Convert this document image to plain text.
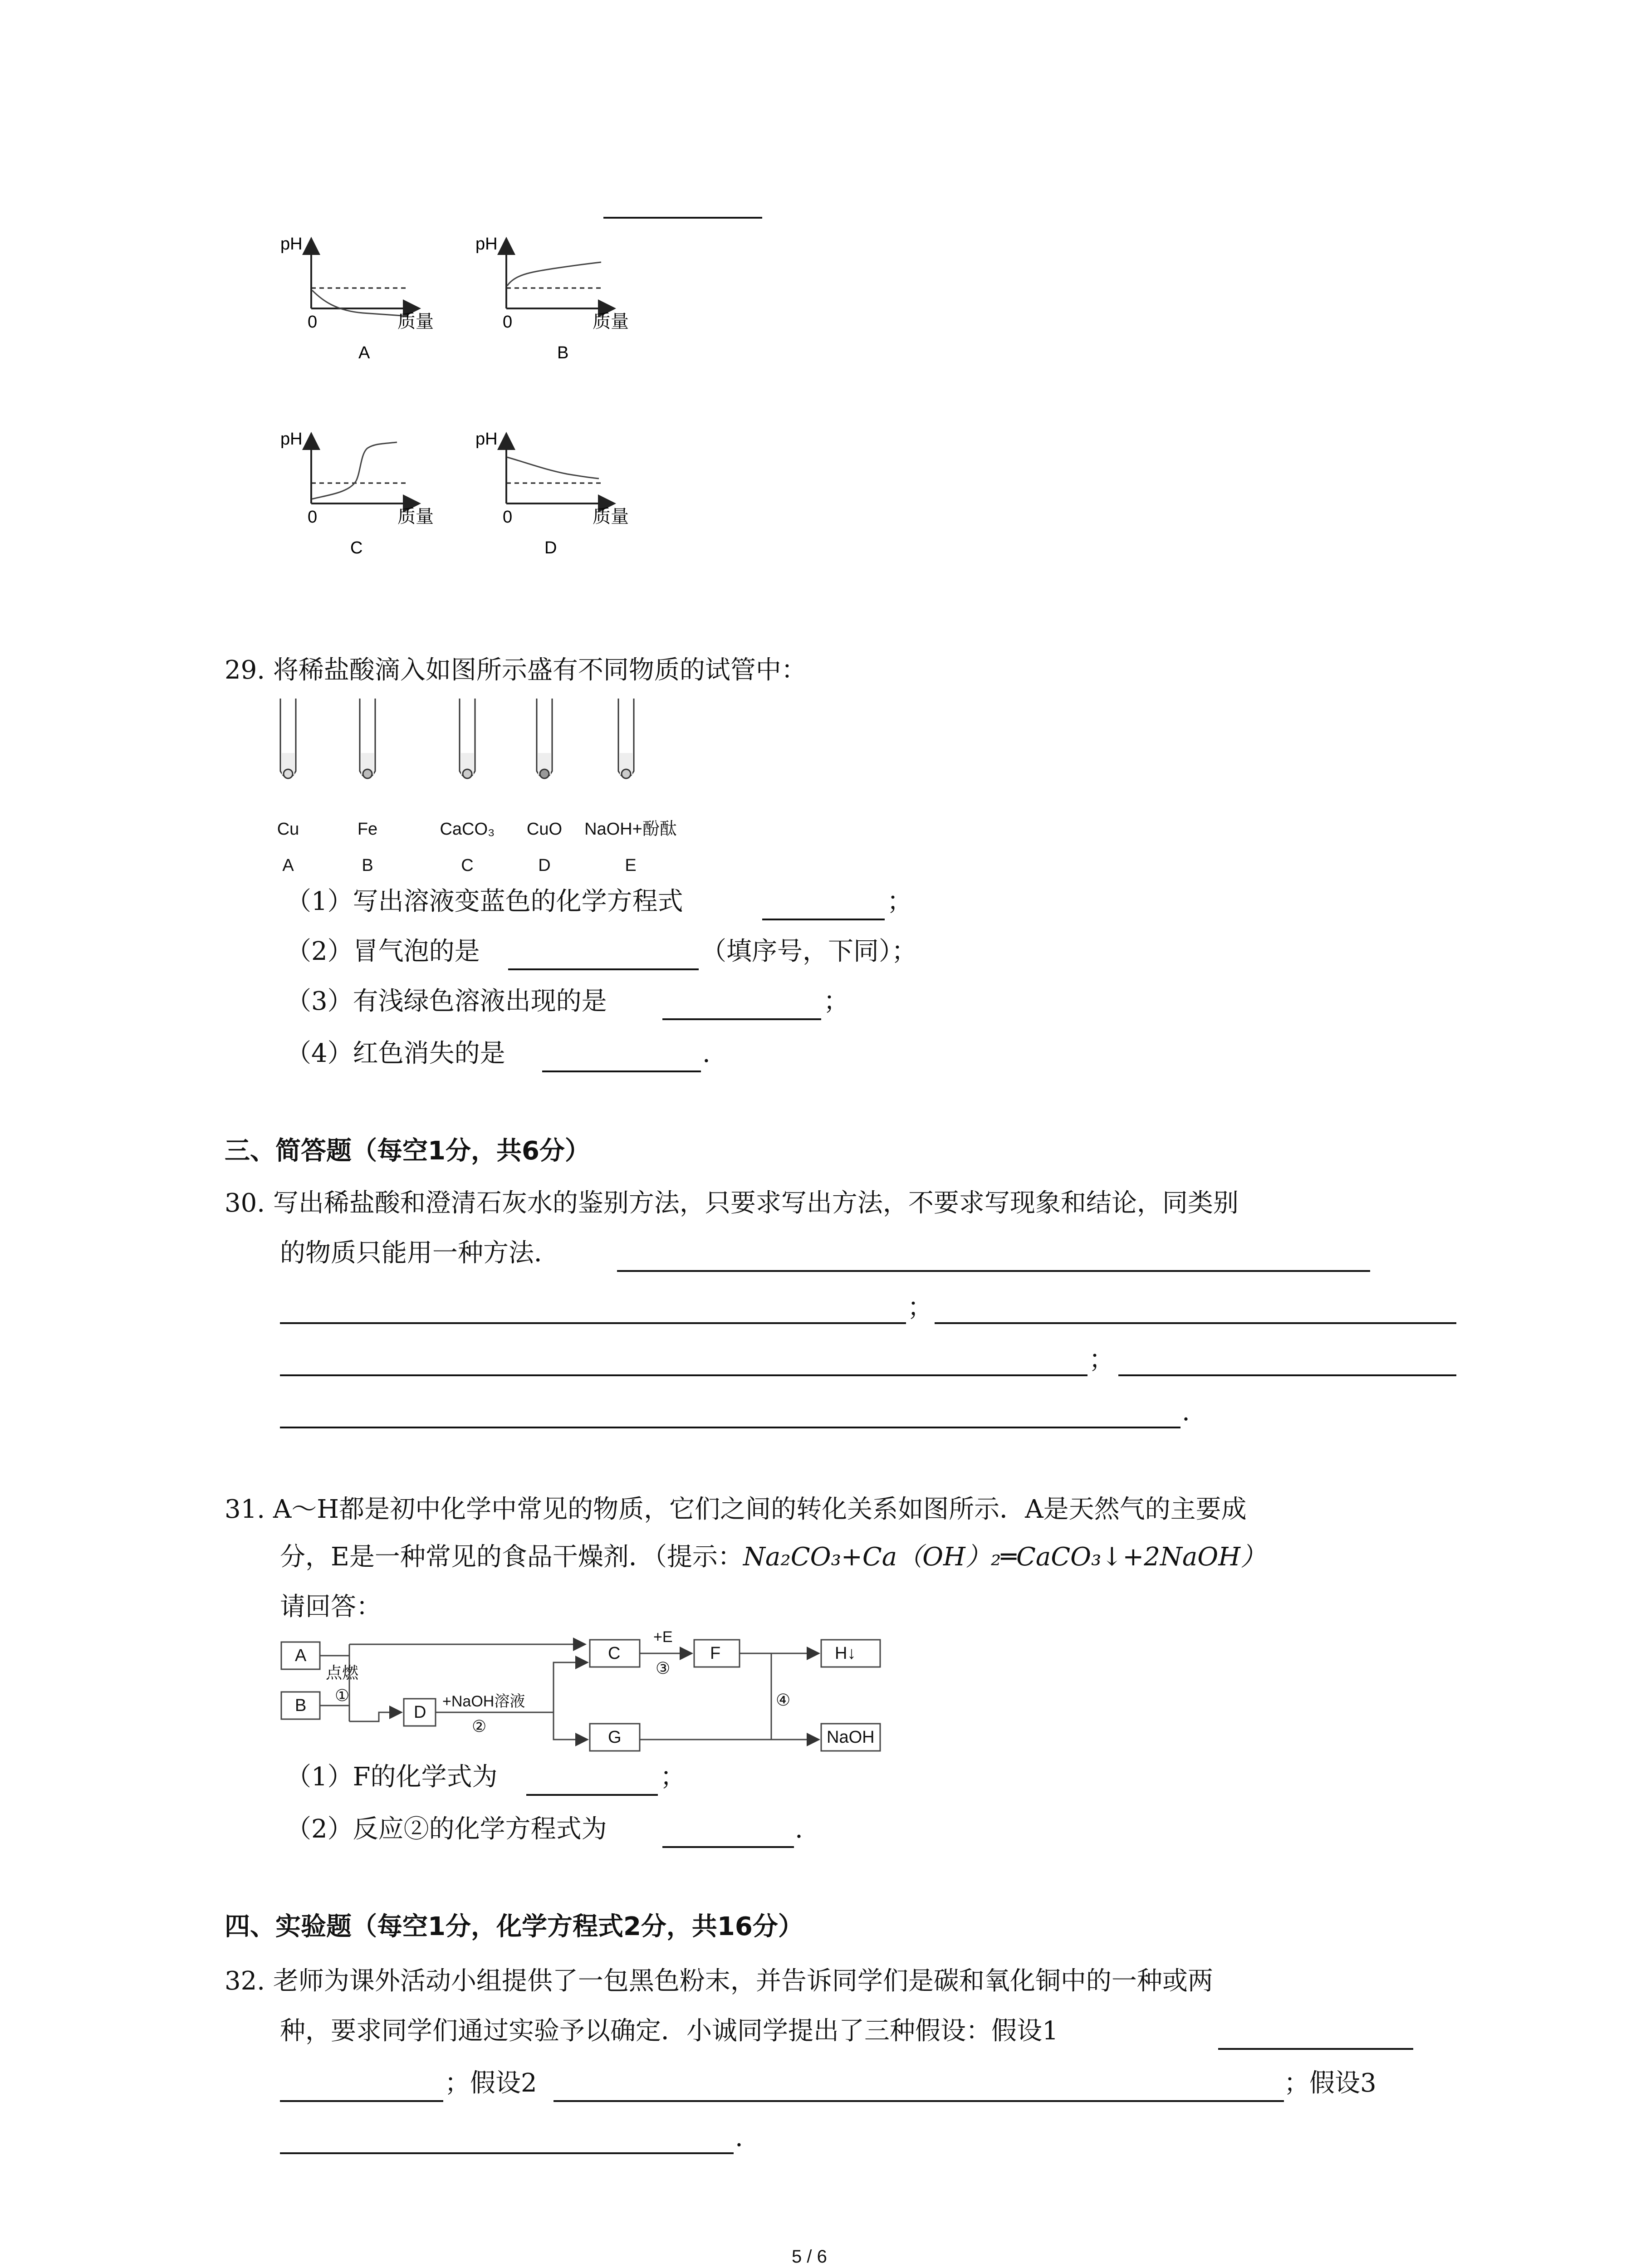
pH
0	质量
A
pH
0	质量
B
pH
0	质量
C
pH
0	质量
D
29. 将稀盐酸滴入如图所示盛有不同物质的试管中：
Cu
A
Fe
B
CaCO₃
C
CuO
D
NaOH+酚酞
E
（1）写出溶液变蓝色的化学方程式	；
（2）冒气泡的是	（填序号，下同）；
（3）有浅绿色溶液出现的是	；
（4）红色消失的是	.
三、简答题（每空1分，共6分）
30. 写出稀盐酸和澄清石灰水的鉴别方法，只要求写出方法，不要求写现象和结论，同类别
的物质只能用一种方法．
；
；
.
31. A～H都是初中化学中常见的物质，它们之间的转化关系如图所示．A是天然气的主要成
分，E是一种常见的食品干燥剂．（提示：Na₂CO₃+Ca（OH）₂═CaCO₃↓+2NaOH）
请回答：
A
B	D
C	F
G
H↓
NaOH
点燃
①	+NaOH溶液
②
+E
③
④
（1）F的化学式为	；
（2）反应②的化学方程式为	.
四、实验题（每空1分，化学方程式2分，共16分）
32. 老师为课外活动小组提供了一包黑色粉末，并告诉同学们是碳和氧化铜中的一种或两
种，要求同学们通过实验予以确定．小诚同学提出了三种假设：假设1
；假设2	；假设3
.
5 / 6
